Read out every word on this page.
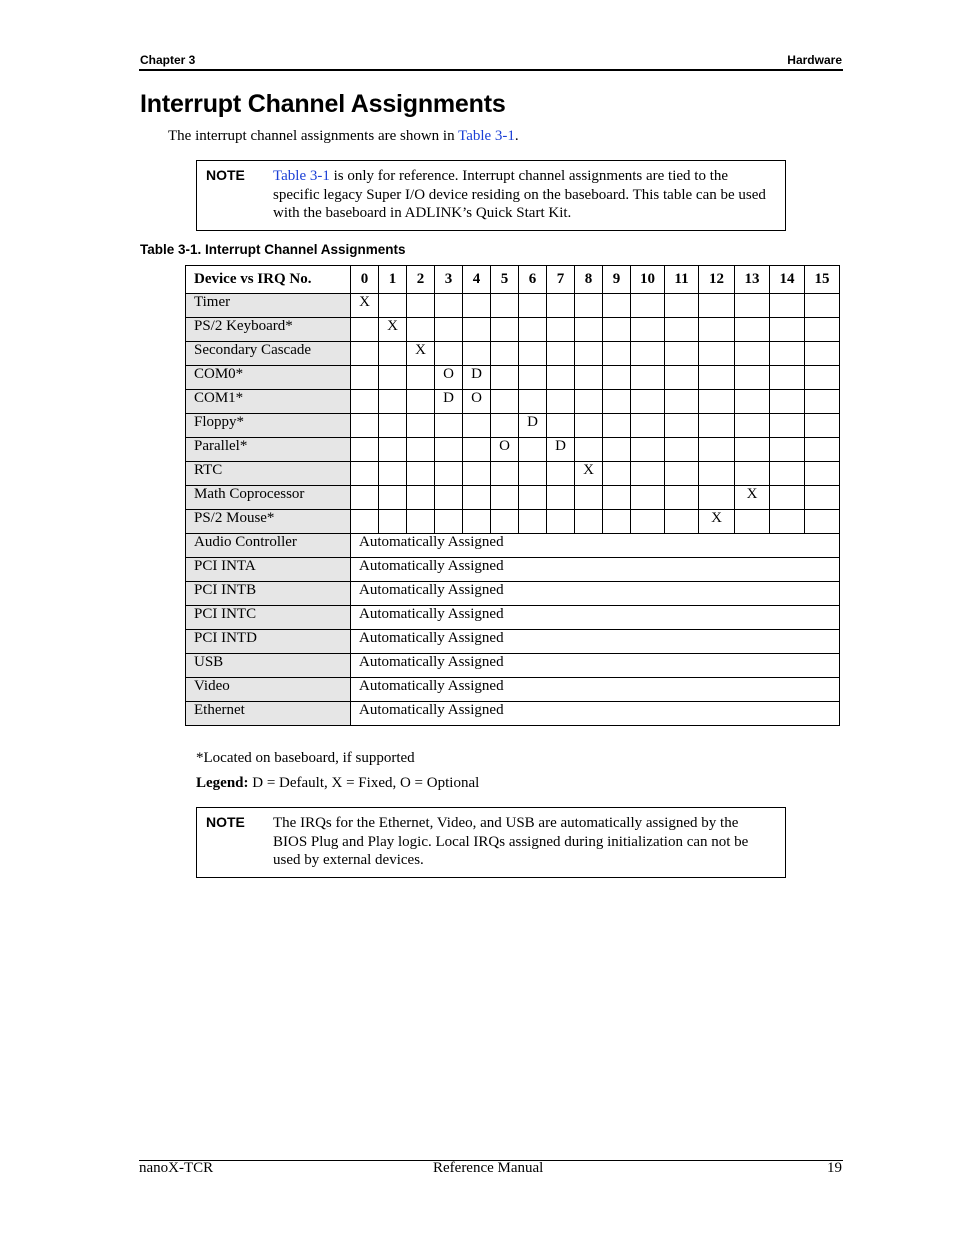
Chapter 3	Hardware
Interrupt Channel Assignments
The interrupt channel assignments are shown in Table 3-1.
NOTE Table 3-1 is only for reference. Interrupt channel assignments are tied to the specific legacy Super I/O device residing on the baseboard. This table can be used with the baseboard in ADLINK’s Quick Start Kit.
Table 3-1. Interrupt Channel Assignments
Device vs IRQ No.	0	1	2	3	4	5	6	7	8	9	10	11	12	13	14	15
Timer	X															
PS/2 Keyboard*		X														
Secondary Cascade			X													
COM0*				O	D											
COM1*				D	O											
Floppy*							D									
Parallel*						O		D								
RTC									X							
Math Coprocessor														X		
PS/2 Mouse*													X			
Audio Controller	Automatically Assigned															
PCI INTA	Automatically Assigned															
PCI INTB	Automatically Assigned															
PCI INTC	Automatically Assigned															
PCI INTD	Automatically Assigned															
USB	Automatically Assigned															
Video	Automatically Assigned															
Ethernet	Automatically Assigned															
*Located on baseboard, if supported
Legend: D = Default, X = Fixed, O = Optional
NOTE The IRQs for the Ethernet, Video, and USB are automatically assigned by the BIOS Plug and Play logic. Local IRQs assigned during initialization can not be used by external devices.
nanoX-TCR	Reference Manual	19
